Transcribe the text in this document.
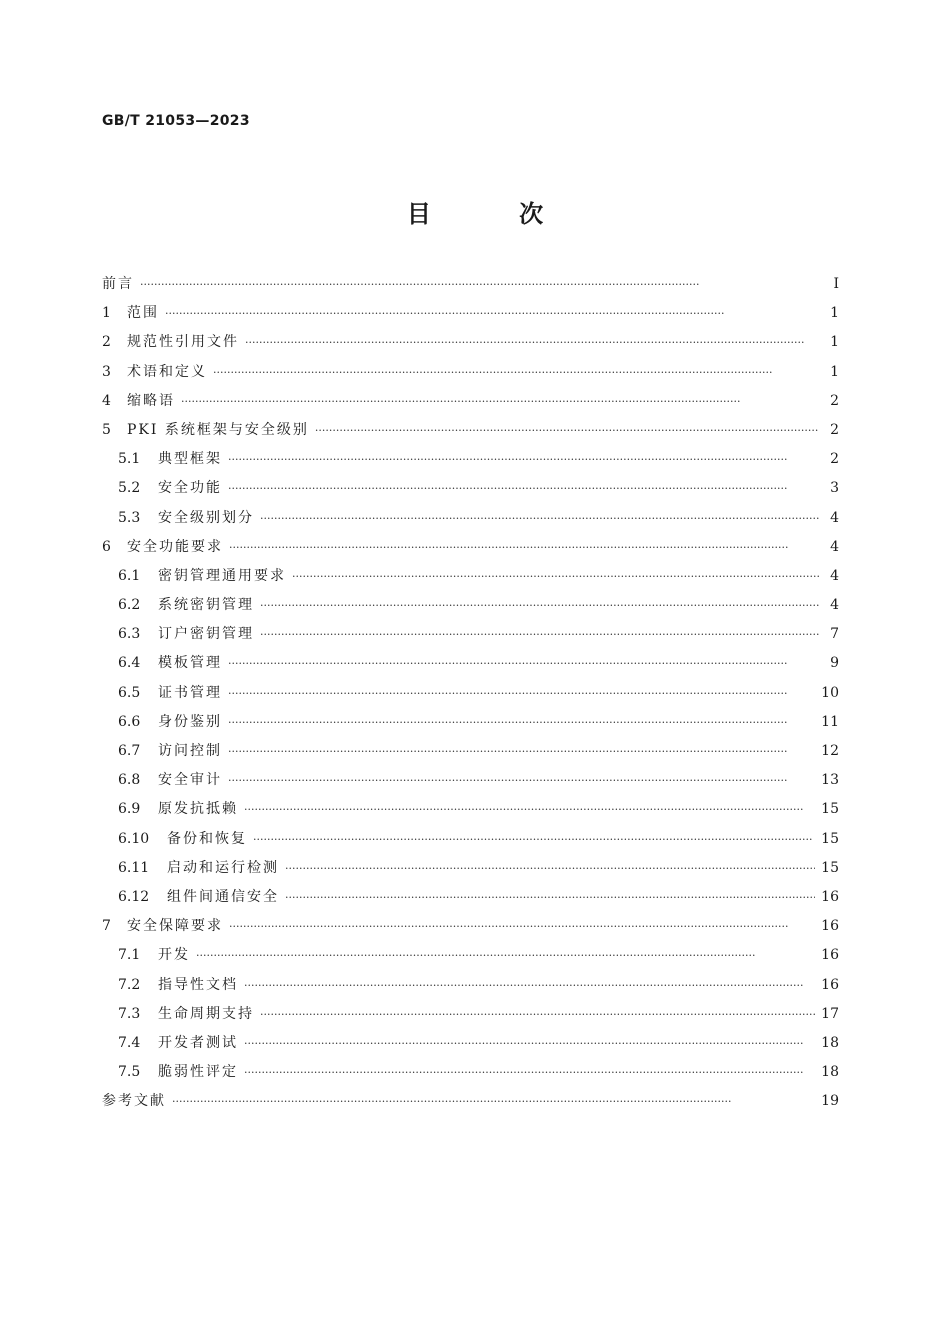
GB/T 21053—2023
目 次
前言 ·····	Ⅰ
1	范围 ·····	1
2	规范性引用文件 ·····	1
3	术语和定义 ·····	1
4	缩略语 ·····	2
5	PKI 系统框架与安全级别 ·····	2
5.1	典型框架 ·····	2
5.2	安全功能 ·····	3
5.3	安全级别划分 ·····	4
6	安全功能要求 ·····	4
6.1	密钥管理通用要求 ·····	4
6.2	系统密钥管理 ·····	4
6.3	订户密钥管理 ·····	7
6.4	模板管理 ·····	9
6.5	证书管理 ·····	10
6.6	身份鉴别 ·····	11
6.7	访问控制 ·····	12
6.8	安全审计 ·····	13
6.9	原发抗抵赖 ·····	15
6.10	备份和恢复 ·····	15
6.11	启动和运行检测 ·····	15
6.12	组件间通信安全 ·····	16
7	安全保障要求 ·····	16
7.1	开发 ·····	16
7.2	指导性文档 ·····	16
7.3	生命周期支持 ·····	17
7.4	开发者测试 ·····	18
7.5	脆弱性评定 ·····	18
参考文献 ·····	19
